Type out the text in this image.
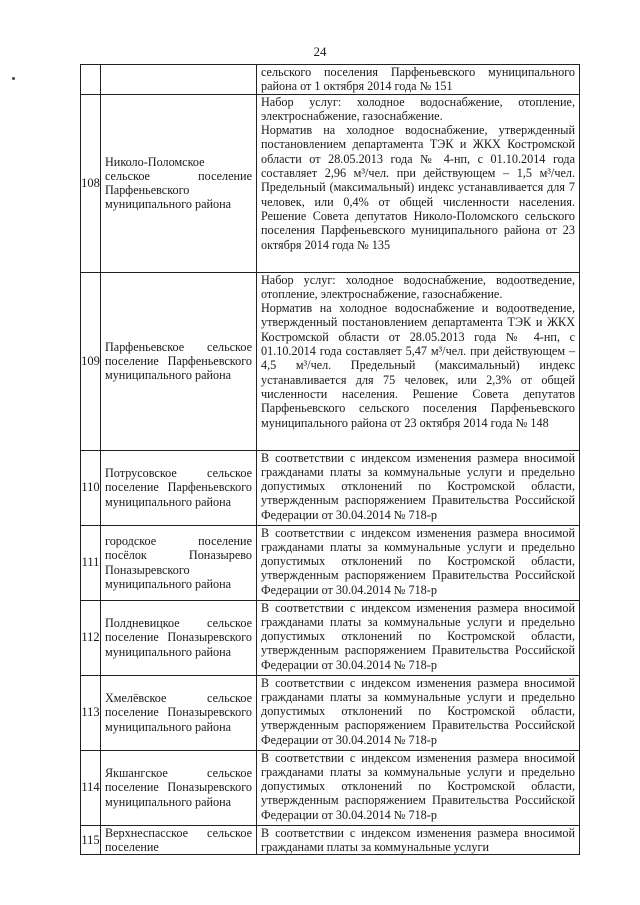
24

		сельского поселения Парфеньевского муниципального района от 1 октября 2014 года № 151

108	Николо-Поломское сельское поселение Парфеньевского муниципального района	Набор услуг: холодное водоснабжение, отопление, электроснабжение, газоснабжение.

Норматив на холодное водоснабжение, утвержденный постановлением департамента ТЭК и ЖКХ Костромской области от 28.05.2013 года № 4-нп, с 01.10.2014 года составляет 2,96 м³/чел. при действующем – 1,5 м³/чел. Предельный (максимальный) индекс устанавливается для 7 человек, или 0,4% от общей численности населения. Решение Совета депутатов Николо-Поломского сельского поселения Парфеньевского муниципального района от 23 октября 2014 года № 135

109	Парфеньевское сельское поселение Парфеньевского муниципального района	Набор услуг: холодное водоснабжение, водоотведение, отопление, электроснабжение, газоснабжение.

Норматив на холодное водоснабжение и водоотведение, утвержденный постановлением департамента ТЭК и ЖКХ Костромской области от 28.05.2013 года № 4-нп, с 01.10.2014 года составляет 5,47 м³/чел. при действующем – 4,5 м³/чел. Предельный (максимальный) индекс устанавливается для 75 человек, или 2,3% от общей численности населения. Решение Совета депутатов Парфеньевского сельского поселения Парфеньевского муниципального района от 23 октября 2014 года № 148

110	Потрусовское сельское поселение Парфеньевского муниципального района	В соответствии с индексом изменения размера вносимой гражданами платы за коммунальные услуги и предельно допустимых отклонений по Костромской области, утвержденным распоряжением Правительства Российской Федерации от 30.04.2014 № 718-р

111	городское поселение посёлок Поназырево Поназыревского муниципального района	В соответствии с индексом изменения размера вносимой гражданами платы за коммунальные услуги и предельно допустимых отклонений по Костромской области, утвержденным распоряжением Правительства Российской Федерации от 30.04.2014 № 718-р

112	Полдневицкое сельское поселение Поназыревского муниципального района	В соответствии с индексом изменения размера вносимой гражданами платы за коммунальные услуги и предельно допустимых отклонений по Костромской области, утвержденным распоряжением Правительства Российской Федерации от 30.04.2014 № 718-р

113	Хмелёвское сельское поселение Поназыревского муниципального района	В соответствии с индексом изменения размера вносимой гражданами платы за коммунальные услуги и предельно допустимых отклонений по Костромской области, утвержденным распоряжением Правительства Российской Федерации от 30.04.2014 № 718-р

114	Якшангское сельское поселение Поназыревского муниципального района	В соответствии с индексом изменения размера вносимой гражданами платы за коммунальные услуги и предельно допустимых отклонений по Костромской области, утвержденным распоряжением Правительства Российской Федерации от 30.04.2014 № 718-р

115	Верхнеспасское сельское поселение	В соответствии с индексом изменения размера вносимой гражданами платы за коммунальные услуги
